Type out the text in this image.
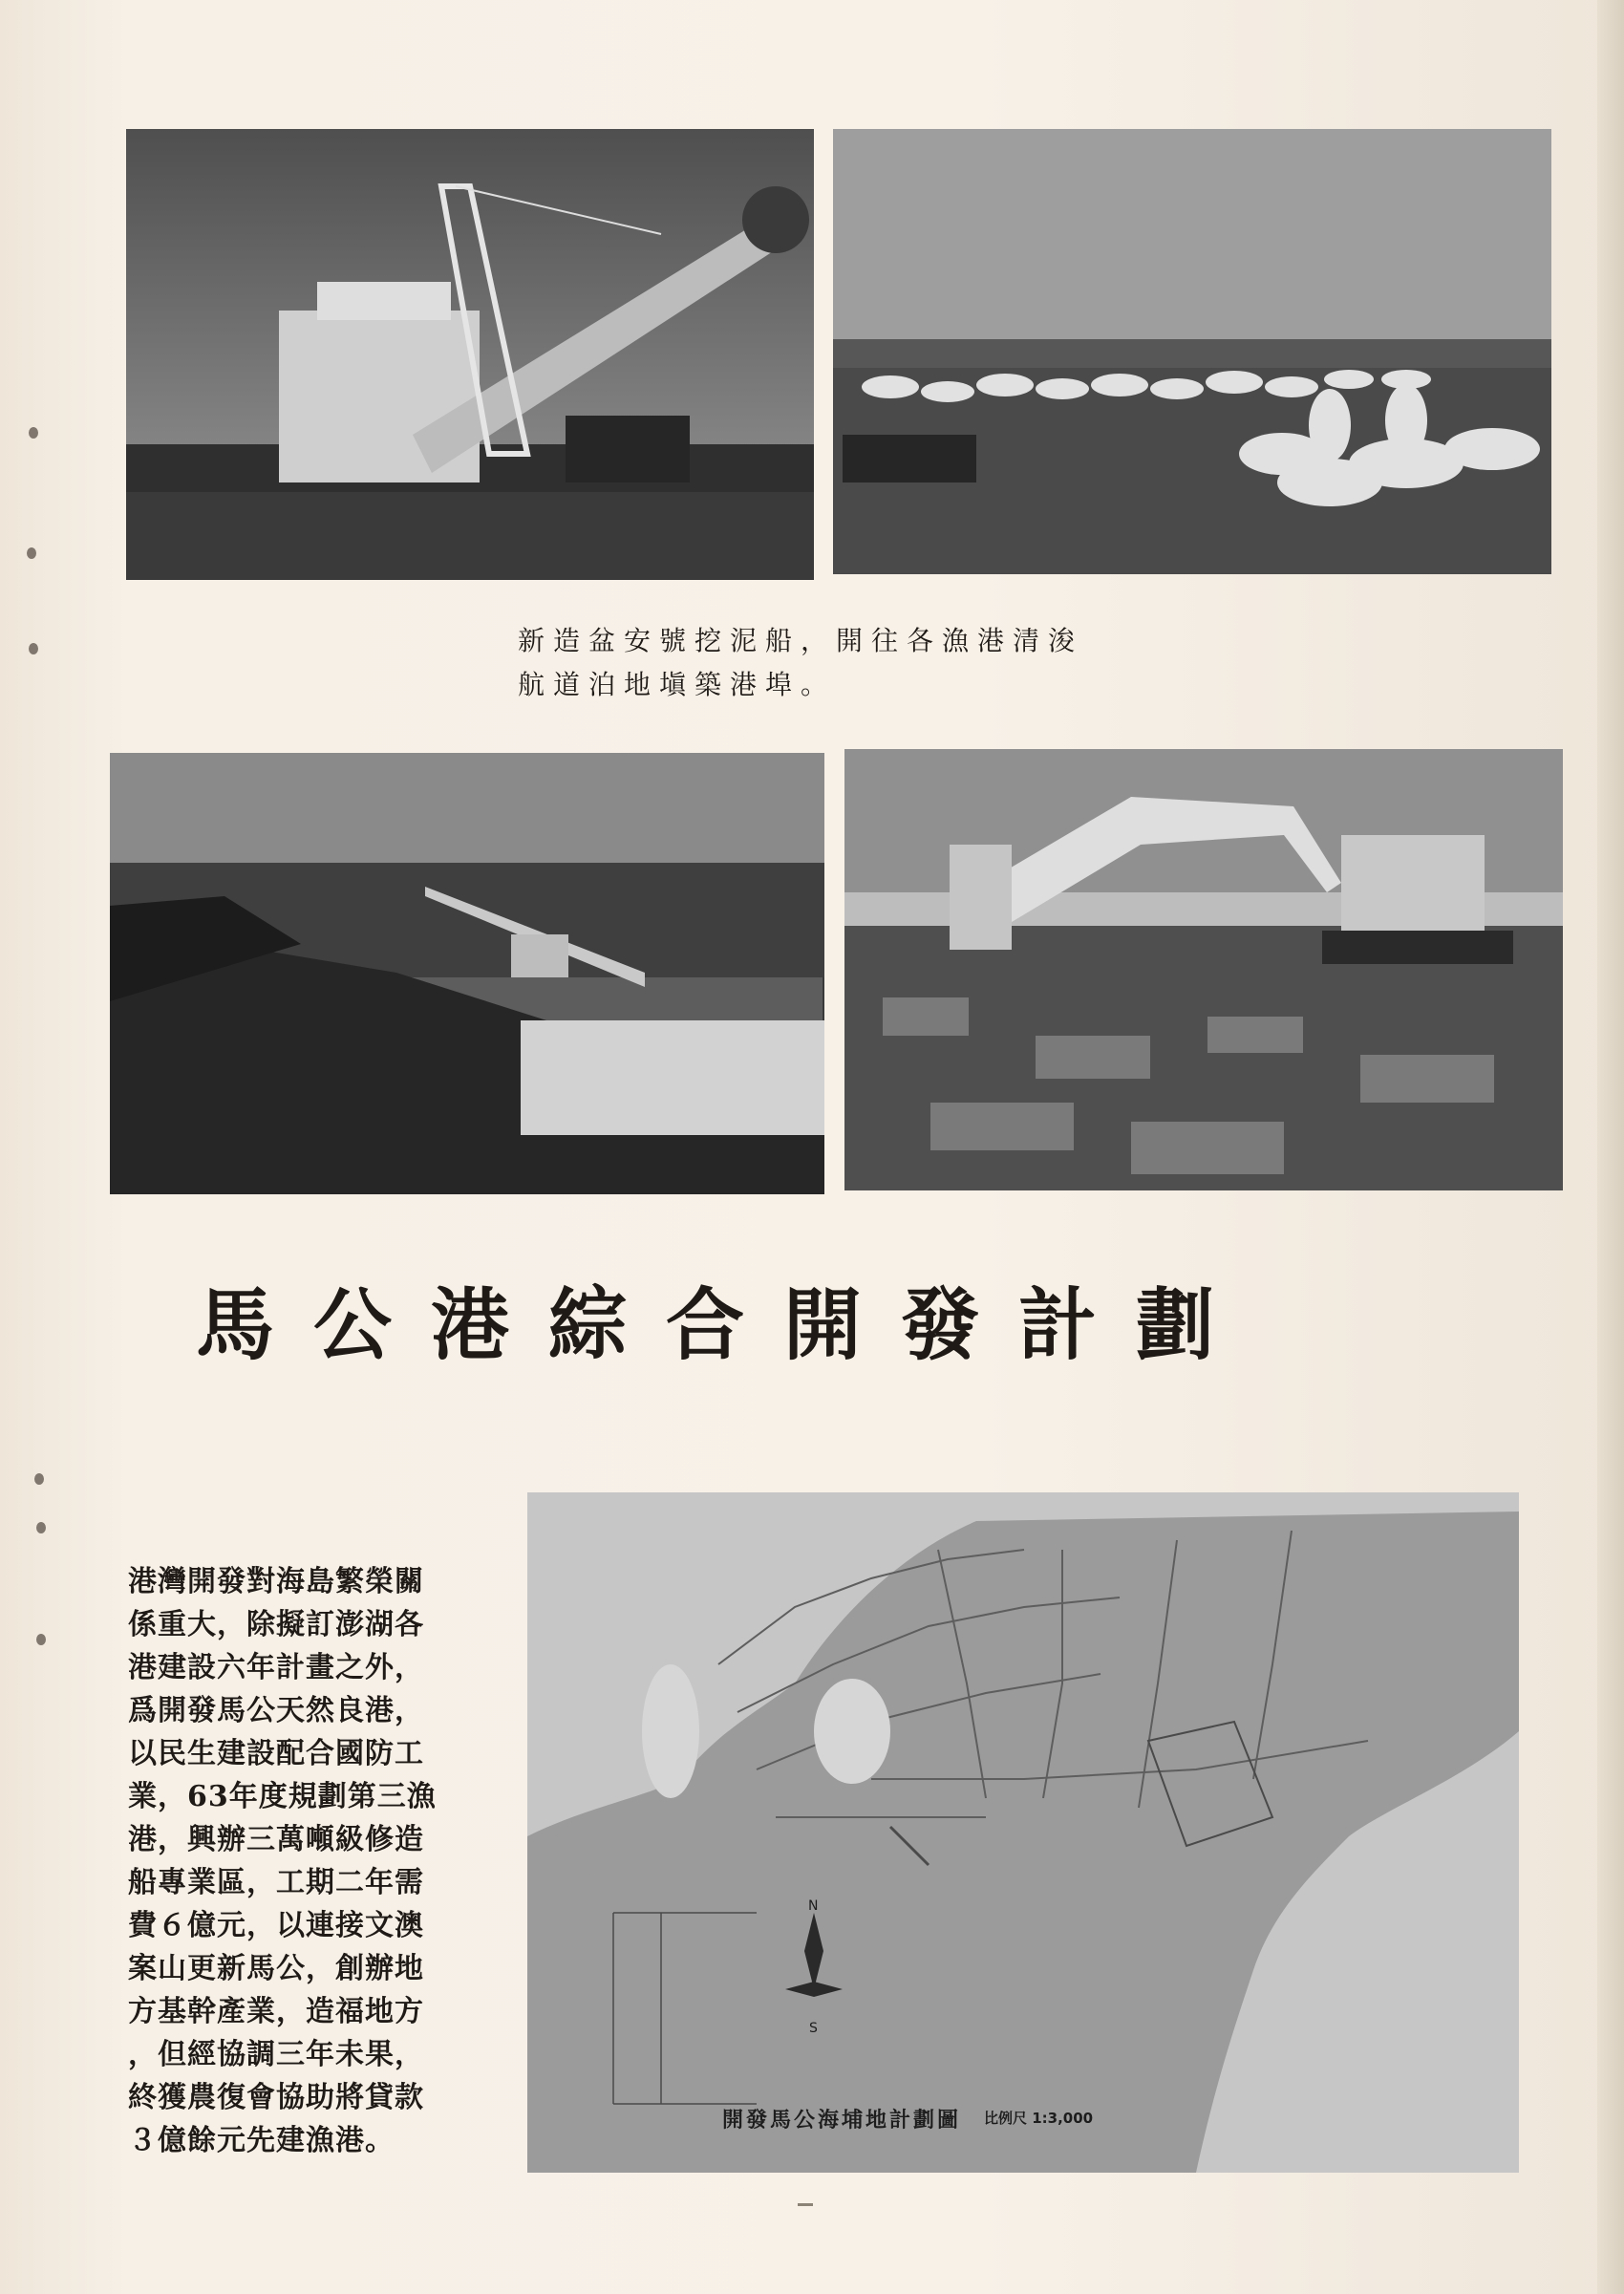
新造盆安號挖泥船，開往各漁港清浚
航道泊地塡築港埠。
馬公港綜合開發計劃
港灣開發對海島繁榮關
係重大，除擬訂澎湖各
港建設六年計畫之外，
爲開發馬公天然良港，
以民生建設配合國防工
業，63年度規劃第三漁
港，興辦三萬噸級修造
船專業區，工期二年需
費６億元，以連接文澳
案山更新馬公，創辦地
方基幹產業，造福地方
，但經協調三年未果，
終獲農復會協助將貸款
３億餘元先建漁港。
N
S
開發馬公海埔地計劃圖 比例尺 1:3,000
